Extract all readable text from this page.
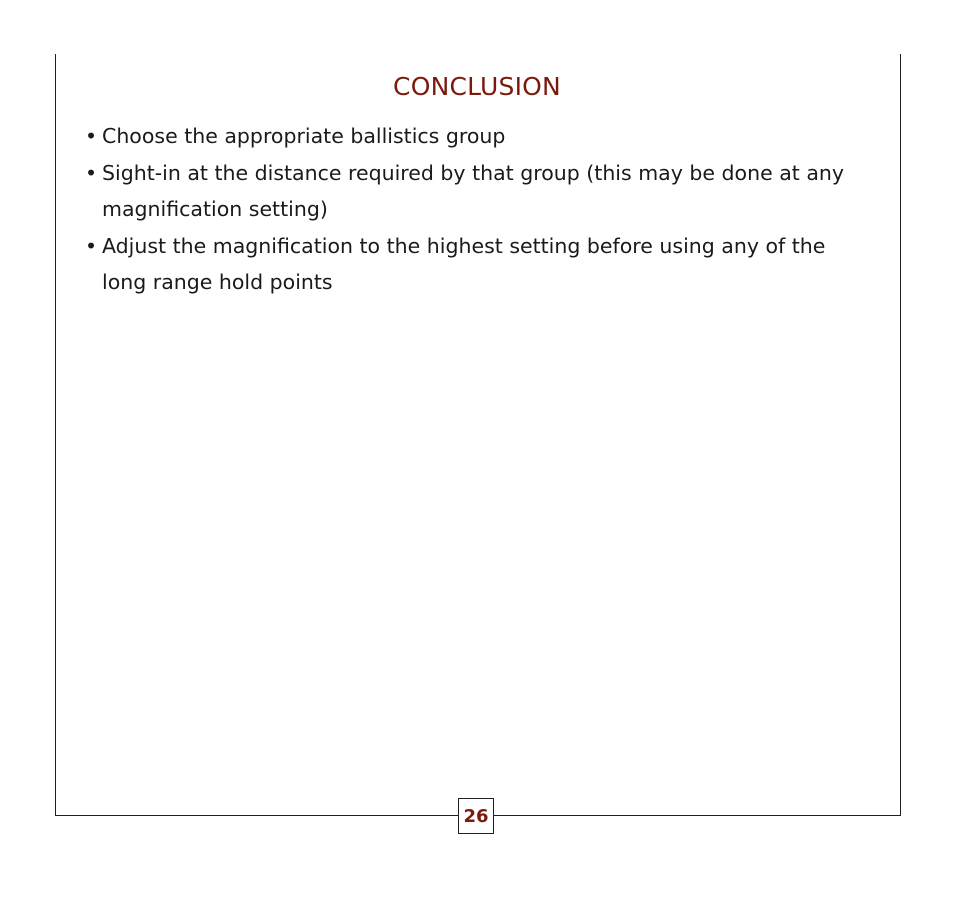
CONCLUSION
• Choose the appropriate ballistics group
• Sight-in at the distance required by that group (this may be done at any magnification setting)
• Adjust the magnification to the highest setting before using any of the long range hold points
26
